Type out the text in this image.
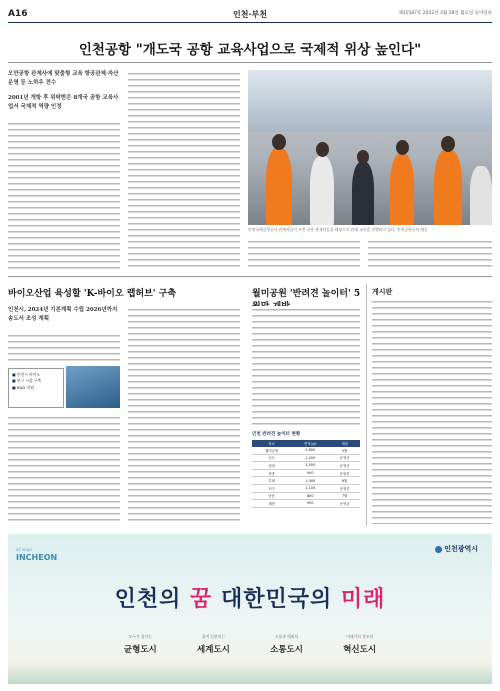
A16	인천·부천	제31587호 2022년 3월 28일 월요일 동아일보
인천공항 "개도국 공항 교육사업으로 국제적 위상 높인다"
오만공항 관제사에 맞춤형 교육 항공관제·자산운영 등 노하우 전수
2001년 개항 후 위탁받은 8개국 공항 교육사업서 국제적 역량 인정
인천국제공항공사 관계자들이 오만 공항 관제사들을 대상으로 관제 교육을 진행하고 있다. 인천공항공사 제공
바이오산업 육성할 'K-바이오 랩허브' 구축
인천시, 2024년 기본계획 수립 2026년까지 송도서 조성 계획
■ 인천시 바이오
■ 연구 시설 구축
■ R&D 지원
월미공원 '반려견 놀이터' 5
인천 반려견 놀이터 현황
장소	면적(㎡)	개장
월미공원	2,800	5월
송도	1,200	운영중
청라	1,500	운영중
영종	900	운영중
부평	1,000	6월
서구	1,100	운영중
남동	800	7월
계양	950	운영중
게시판
all ways
INCHEON
인천광역시
인천의 꿈 대한민국의 미래
모두가 잘사는
균형도시

꿈이 실현되는
세계도시

소통과 배려의
소통도시

미래가치 창조의
혁신도시
